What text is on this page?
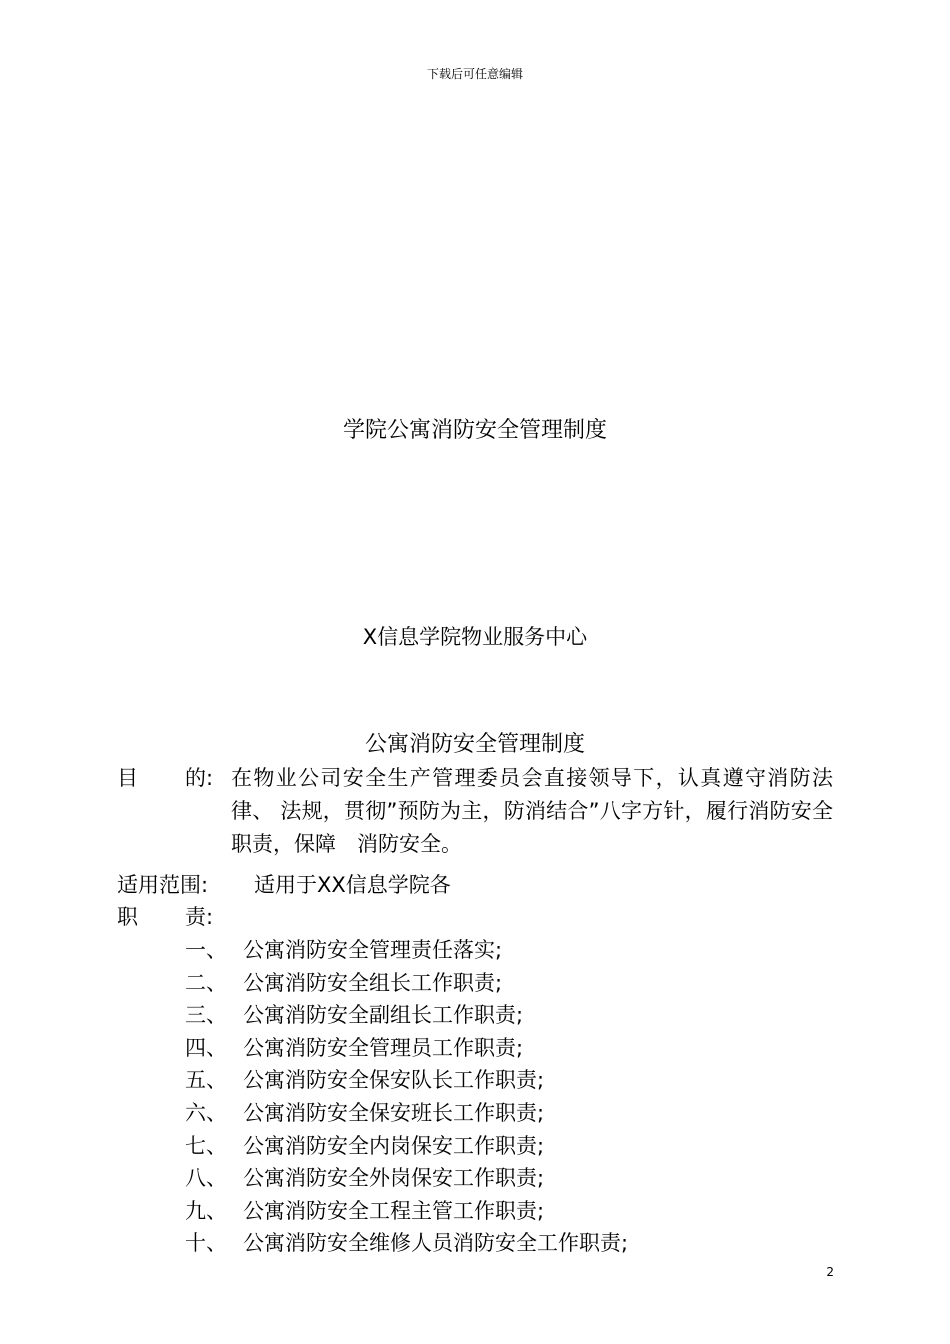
下载后可任意编辑
学院公寓消防安全管理制度
X信息学院物业服务中心
公寓消防安全管理制度
目 的: 在物业公司安全生产管理委员会直接领导下，认真遵守消防法律、 法规，贯彻”预防为主，防消结合”八字方针，履行消防安全职责，保障　消防安全。
适用范围: 适用于XX信息学院各
职 责:
一、 公寓消防安全管理责任落实;
二、 公寓消防安全组长工作职责;
三、 公寓消防安全副组长工作职责;
四、 公寓消防安全管理员工作职责;
五、 公寓消防安全保安队长工作职责;
六、 公寓消防安全保安班长工作职责;
七、 公寓消防安全内岗保安工作职责;
八、 公寓消防安全外岗保安工作职责;
九、 公寓消防安全工程主管工作职责;
十、 公寓消防安全维修人员消防安全工作职责;
2
